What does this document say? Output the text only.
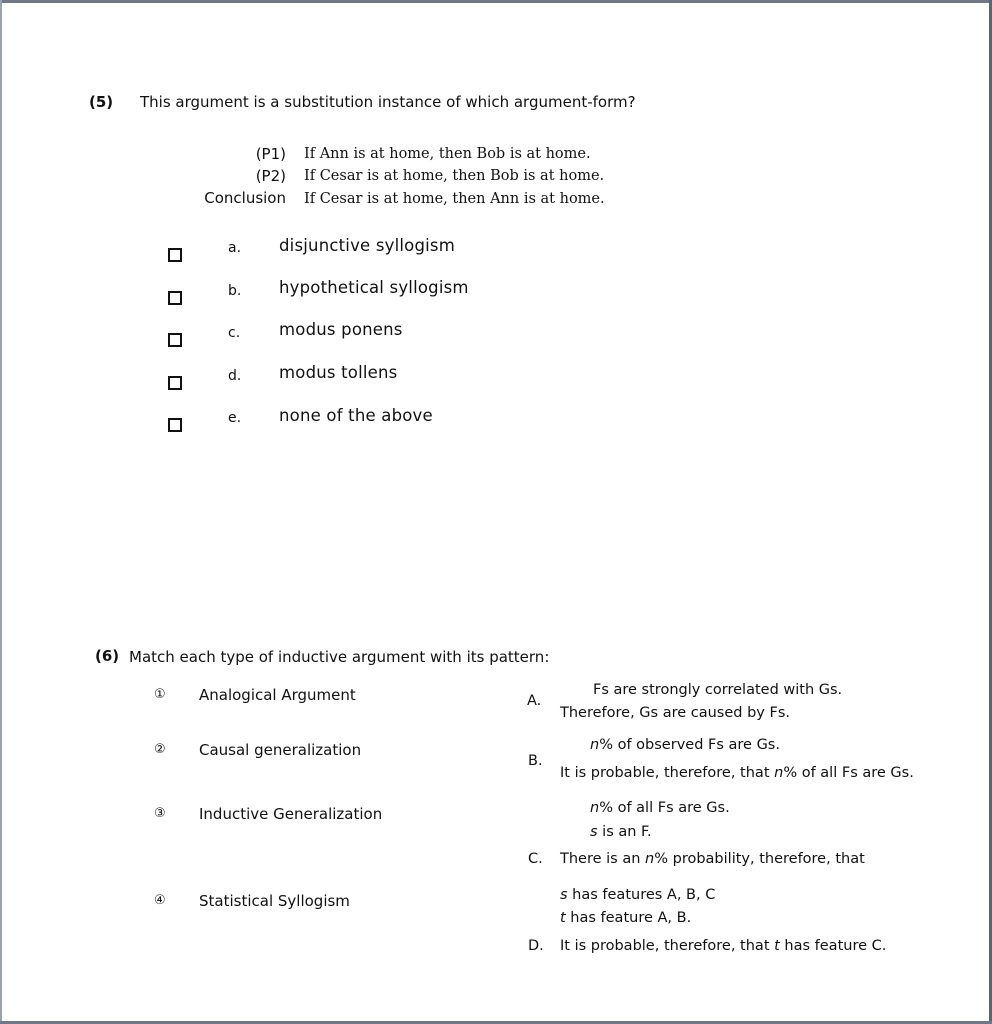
(5) This argument is a substitution instance of which argument-form?
(P1) If Ann is at home, then Bob is at home.
(P2) If Cesar is at home, then Bob is at home.
Conclusion If Cesar is at home, then Ann is at home.
a. disjunctive syllogism
b. hypothetical syllogism
c. modus ponens
d. modus tollens
e. none of the above
(6) Match each type of inductive argument with its pattern:
① Analogical Argument
② Causal generalization
③ Inductive Generalization
④ Statistical Syllogism
A.
Fs are strongly correlated with Gs.
Therefore, Gs are caused by Fs.
B.
n% of observed Fs are Gs.
It is probable, therefore, that n% of all Fs are Gs.
n% of all Fs are Gs.
s is an F.
C. There is an n% probability, therefore, that
s has features A, B, C
t has feature A, B.
D. It is probable, therefore, that t has feature C.
